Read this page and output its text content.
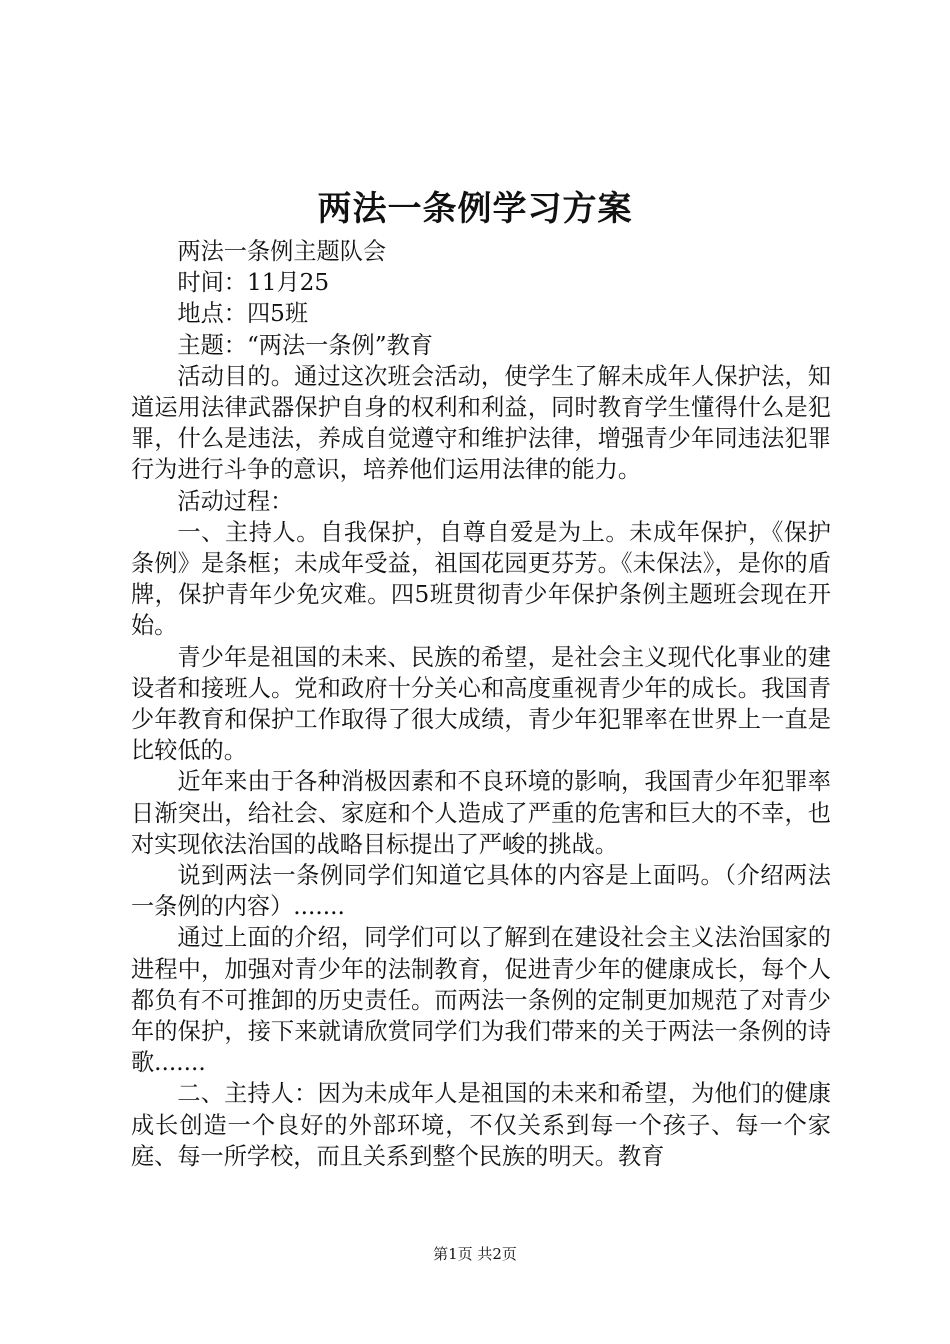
两法一条例学习方案

两法一条例主题队会

时间：11月25

地点：四5班

主题：“两法一条例”教育

活动目的。通过这次班会活动，使学生了解未成年人保护法，知道运用法律武器保护自身的权利和利益，同时教育学生懂得什么是犯罪，什么是违法，养成自觉遵守和维护法律，增强青少年同违法犯罪行为进行斗争的意识，培养他们运用法律的能力。

活动过程：

一、主持人。自我保护，自尊自爱是为上。未成年保护，《保护条例》是条框；未成年受益，祖国花园更芬芳。《未保法》，是你的盾牌，保护青年少免灾难。四5班贯彻青少年保护条例主题班会现在开始。

青少年是祖国的未来、民族的希望，是社会主义现代化事业的建设者和接班人。党和政府十分关心和高度重视青少年的成长。我国青少年教育和保护工作取得了很大成绩，青少年犯罪率在世界上一直是比较低的。

近年来由于各种消极因素和不良环境的影响，我国青少年犯罪率日渐突出，给社会、家庭和个人造成了严重的危害和巨大的不幸，也对实现依法治国的战略目标提出了严峻的挑战。

说到两法一条例同学们知道它具体的内容是上面吗。（介绍两法一条例的内容）.......

通过上面的介绍，同学们可以了解到在建设社会主义法治国家的进程中，加强对青少年的法制教育，促进青少年的健康成长，每个人都负有不可推卸的历史责任。而两法一条例的定制更加规范了对青少年的保护，接下来就请欣赏同学们为我们带来的关于两法一条例的诗歌.......

二、主持人：因为未成年人是祖国的未来和希望，为他们的健康成长创造一个良好的外部环境，不仅关系到每一个孩子、每一个家庭、每一所学校，而且关系到整个民族的明天。教育

第1页 共2页
